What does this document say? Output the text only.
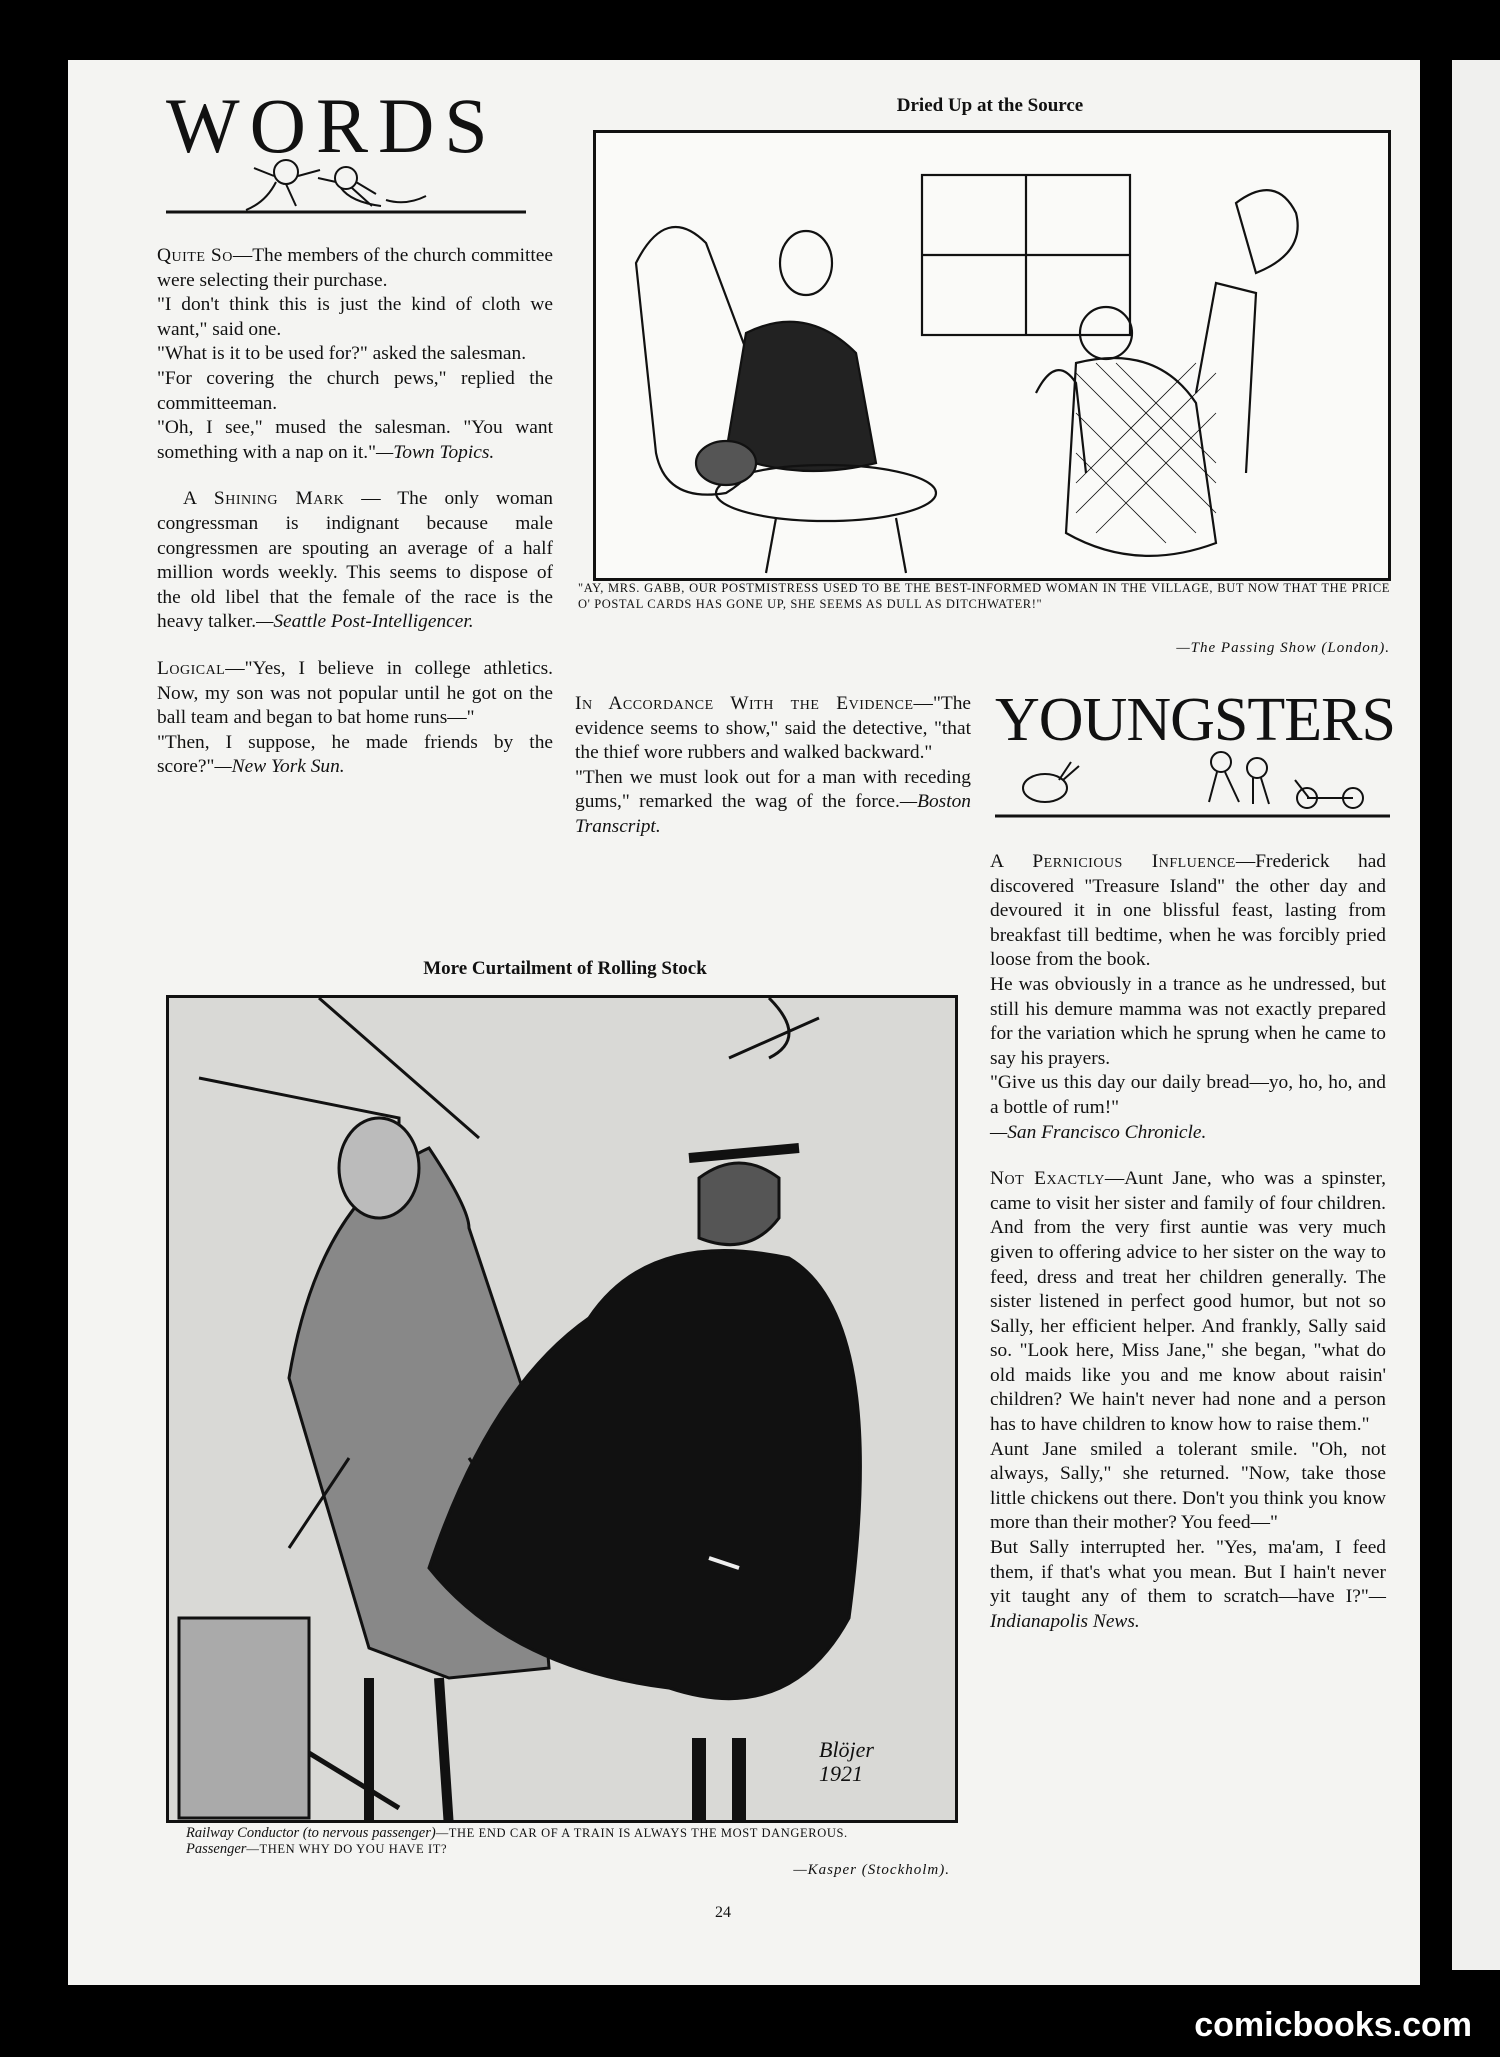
WORDS

Quite So—The members of the church committee were selecting their purchase.
"I don't think this is just the kind of cloth we want," said one.
"What is it to be used for?" asked the salesman.
"For covering the church pews," replied the committeeman.
"Oh, I see," mused the salesman. "You want something with a nap on it."—Town Topics.

A Shining Mark — The only woman congressman is indignant because male congressmen are spouting an average of a half million words weekly. This seems to dispose of the old libel that the female of the race is the heavy talker.—Seattle Post-Intelligencer.

Logical—"Yes, I believe in college athletics. Now, my son was not popular until he got on the ball team and began to bat home runs—"
"Then, I suppose, he made friends by the score?"—New York Sun.

Dried Up at the Source
"AY, MRS. GABB, OUR POSTMISTRESS USED TO BE THE BEST-INFORMED WOMAN IN THE VILLAGE, BUT NOW THAT THE PRICE O' POSTAL CARDS HAS GONE UP, SHE SEEMS AS DULL AS DITCHWATER!"
—The Passing Show (London).

In Accordance With the Evidence—"The evidence seems to show," said the detective, "that the thief wore rubbers and walked backward."
"Then we must look out for a man with receding gums," remarked the wag of the force.—Boston Transcript.

YOUNGSTERS

A Pernicious Influence—Frederick had discovered "Treasure Island" the other day and devoured it in one blissful feast, lasting from breakfast till bedtime, when he was forcibly pried loose from the book.
He was obviously in a trance as he undressed, but still his demure mamma was not exactly prepared for the variation which he sprung when he came to say his prayers.
"Give us this day our daily bread—yo, ho, ho, and a bottle of rum!"
—San Francisco Chronicle.

Not Exactly—Aunt Jane, who was a spinster, came to visit her sister and family of four children. And from the very first auntie was very much given to offering advice to her sister on the way to feed, dress and treat her children generally. The sister listened in perfect good humor, but not so Sally, her efficient helper. And frankly, Sally said so. "Look here, Miss Jane," she began, "what do old maids like you and me know about raisin' children? We hain't never had none and a person has to have children to know how to raise them."
Aunt Jane smiled a tolerant smile. "Oh, not always, Sally," she returned. "Now, take those little chickens out there. Don't you think you know more than their mother? You feed—"
But Sally interrupted her. "Yes, ma'am, I feed them, if that's what you mean. But I hain't never yit taught any of them to scratch—have I?"—Indianapolis News.

More Curtailment of Rolling Stock
Blöjer 1921
Railway Conductor (to nervous passenger)—THE END CAR OF A TRAIN IS ALWAYS THE MOST DANGEROUS.
Passenger—THEN WHY DO YOU HAVE IT?
—Kasper (Stockholm).
24
comicbooks.com
